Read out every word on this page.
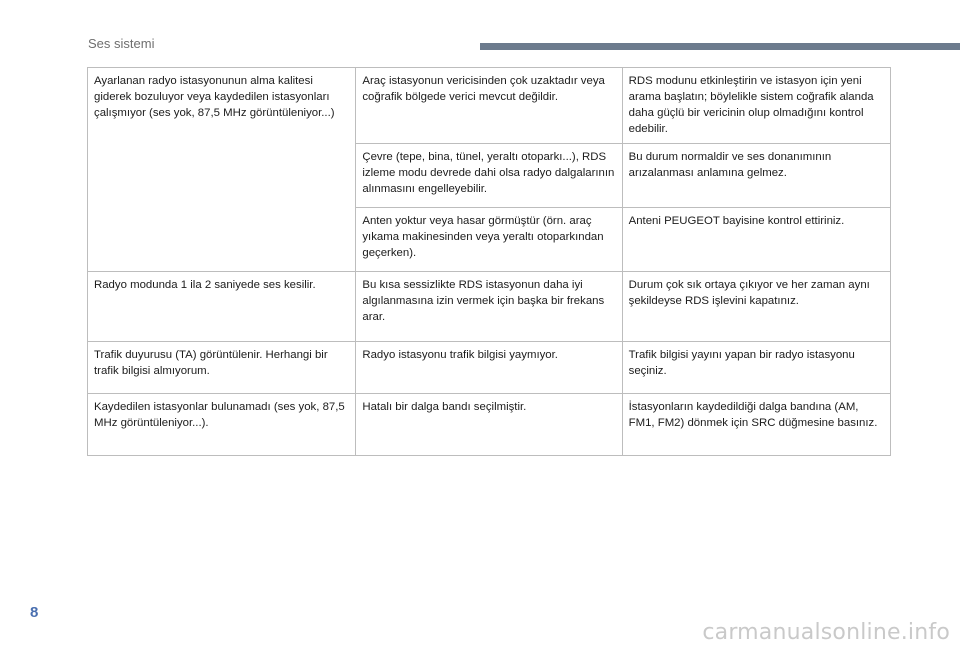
Ses sistemi
Ayarlanan radyo istasyonunun alma kalitesi giderek bozuluyor veya kaydedilen istasyonları çalışmıyor (ses yok, 87,5 MHz görüntüleniyor...)	Araç istasyonun vericisinden çok uzaktadır veya coğrafik bölgede verici mevcut değildir.	RDS modunu etkinleştirin ve istasyon için yeni arama başlatın; böylelikle sistem coğrafik alanda daha güçlü bir vericinin olup olmadığını kontrol edebilir.
	Çevre (tepe, bina, tünel, yeraltı otoparkı...), RDS izleme modu devrede dahi olsa radyo dalgalarının alınmasını engelleyebilir.	Bu durum normaldir ve ses donanımının arızalanması anlamına gelmez.
	Anten yoktur veya hasar görmüştür (örn. araç yıkama makinesinden veya yeraltı otoparkından geçerken).	Anteni PEUGEOT bayisine kontrol ettiriniz.
Radyo modunda 1 ila 2 saniyede ses kesilir.	Bu kısa sessizlikte RDS istasyonun daha iyi algılanmasına izin vermek için başka bir frekans arar.	Durum çok sık ortaya çıkıyor ve her zaman aynı şekildeyse RDS işlevini kapatınız.
Trafik duyurusu (TA) görüntülenir. Herhangi bir trafik bilgisi almıyorum.	Radyo istasyonu trafik bilgisi yaymıyor.	Trafik bilgisi yayını yapan bir radyo istasyonu seçiniz.
Kaydedilen istasyonlar bulunamadı (ses yok, 87,5 MHz görüntüleniyor...).	Hatalı bir dalga bandı seçilmiştir.	İstasyonların kaydedildiği dalga bandına (AM, FM1, FM2) dönmek için SRC düğmesine basınız.
8
carmanualsonline.info
